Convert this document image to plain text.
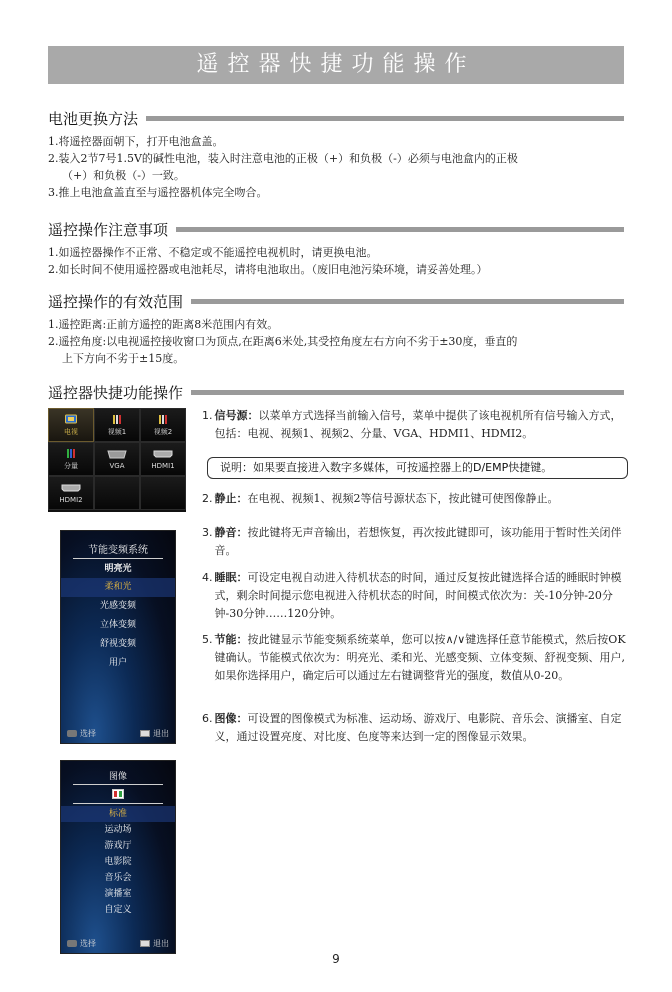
遥控器快捷功能操作
电池更换方法

1.将遥控器面朝下，打开电池盒盖。

2.装入2节7号1.5V的碱性电池，装入时注意电池的正极（+）和负极（-）必须与电池盒内的正极

（+）和负极（-）一致。

3.推上电池盒盖直至与遥控器机体完全吻合。

遥控操作注意事项

1.如遥控器操作不正常、不稳定或不能遥控电视机时，请更换电池。

2.如长时间不使用遥控器或电池耗尽，请将电池取出。（废旧电池污染环境，请妥善处理。）

遥控操作的有效范围

1.遥控距离:正前方遥控的距离8米范围内有效。

2.遥控角度:以电视遥控接收窗口为顶点,在距离6米处,其受控角度左右方向不劣于±30度，垂直的

上下方向不劣于±15度。

遥控器快捷功能操作
电视	视频1	视频2
分量	VGA	HDMI1
HDMI2
1. 信号源：以菜单方式选择当前输入信号，菜单中提供了该电视机所有信号输入方式，包括：电视、视频1、视频2、分量、VGA、HDMI1、HDMI2。
说明：如果要直接进入数字多媒体，可按遥控器上的D/EMP快捷键。
2. 静止：在电视、视频1、视频2等信号源状态下，按此键可使图像静止。
3. 静音：按此键将无声音输出，若想恢复，再次按此键即可，该功能用于暂时性关闭伴音。
4. 睡眠：可设定电视自动进入待机状态的时间，通过反复按此键选择合适的睡眠时钟模式，剩余时间提示您电视进入待机状态的时间，时间模式依次为：关-10分钟-20分钟-30分钟……120分钟。
5. 节能：按此键显示节能变频系统菜单，您可以按∧/∨键选择任意节能模式，然后按OK键确认。节能模式依次为：明亮光、柔和光、光感变频、立体变频、舒视变频、用户,如果你选择用户，确定后可以通过左右键调整背光的强度，数值从0-20。
6. 图像：可设置的图像模式为标准、运动场、游戏厅、电影院、音乐会、演播室、自定义，通过设置亮度、对比度、色度等来达到一定的图像显示效果。
节能变频系统
明亮光
柔和光
光感变频
立体变频
舒视变频
用户
选择	退出
图像
标准
运动场
游戏厅
电影院
音乐会
演播室
自定义
选择	退出
9
